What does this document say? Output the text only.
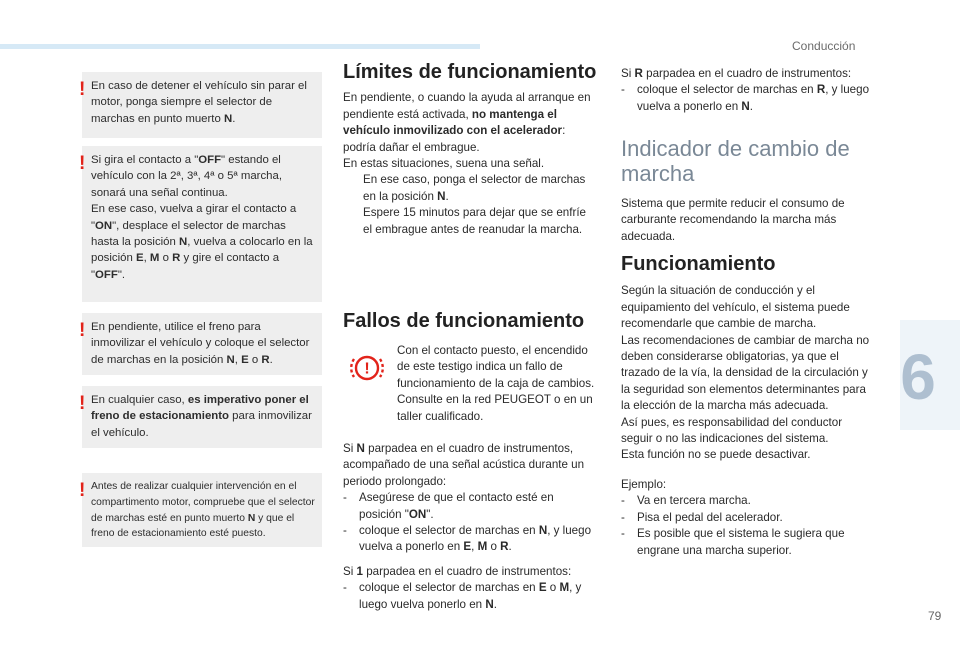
Conducción
6
79
! En caso de detener el vehículo sin parar el motor, ponga siempre el selector de marchas en punto muerto N.

! Si gira el contacto a "OFF" estando el vehículo con la 2ª, 3ª, 4ª o 5ª marcha, sonará una señal continua.

En ese caso, vuelva a girar el contacto a "ON", desplace el selector de marchas hasta la posición N, vuelva a colocarlo en la posición E, M o R y gire el contacto a "OFF".

! En pendiente, utilice el freno para inmovilizar el vehículo y coloque el selector de marchas en la posición N, E o R.

! En cualquier caso, es imperativo poner el freno de estacionamiento para inmovilizar el vehículo.

! Antes de realizar cualquier intervención en el compartimento motor, compruebe que el selector de marchas esté en punto muerto N y que el freno de estacionamiento esté puesto.

Límites de funcionamiento

En pendiente, o cuando la ayuda al arranque en pendiente está activada, no mantenga el vehículo inmovilizado con el acelerador: podría dañar el embrague.

En estas situaciones, suena una señal.

En ese caso, ponga el selector de marchas en la posición N.

Espere 15 minutos para dejar que se enfríe el embrague antes de reanudar la marcha.

Fallos de funcionamiento
!

Con el contacto puesto, el encendido de este testigo indica un fallo de funcionamiento de la caja de cambios.

Consulte en la red PEUGEOT o en un taller cualificado.

Si N parpadea en el cuadro de instrumentos, acompañado de una señal acústica durante un periodo prolongado:

- Asegúrese de que el contacto esté en posición "ON".

- coloque el selector de marchas en N, y luego vuelva a ponerlo en E, M o R.

Si 1 parpadea en el cuadro de instrumentos:

- coloque el selector de marchas en E o M, y luego vuelva ponerlo en N.

Si R parpadea en el cuadro de instrumentos:

- coloque el selector de marchas en R, y luego vuelva a ponerlo en N.

Indicador de cambio de marcha

Sistema que permite reducir el consumo de carburante recomendando la marcha más adecuada.

Funcionamiento

Según la situación de conducción y el equipamiento del vehículo, el sistema puede recomendarle que cambie de marcha.

Las recomendaciones de cambiar de marcha no deben considerarse obligatorias, ya que el trazado de la vía, la densidad de la circulación y la seguridad son elementos determinantes para la elección de la marcha más adecuada.

Así pues, es responsabilidad del conductor seguir o no las indicaciones del sistema.

Esta función no se puede desactivar.

Ejemplo:

- Va en tercera marcha.

- Pisa el pedal del acelerador.

- Es posible que el sistema le sugiera que engrane una marcha superior.
